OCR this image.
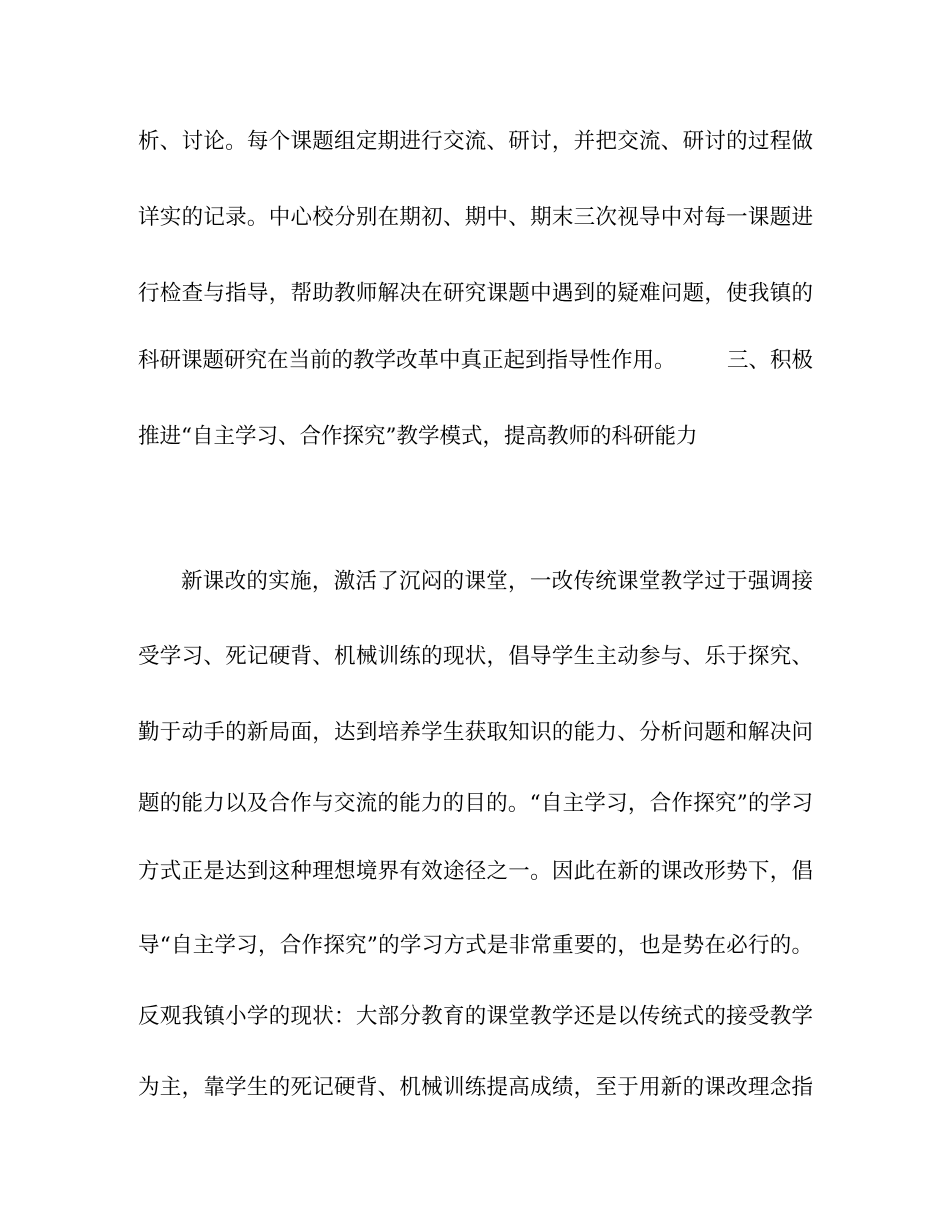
析、讨论。每个课题组定期进行交流、研讨，并把交流、研讨的过程做
详实的记录。中心校分别在期初、期中、期末三次视导中对每一课题进
行检查与指导，帮助教师解决在研究课题中遇到的疑难问题，使我镇的
科研课题研究在当前的教学改革中真正起到指导性作用。 三、积极
推进“自主学习、合作探究”教学模式，提高教师的科研能力
新课改的实施，激活了沉闷的课堂，一改传统课堂教学过于强调接
受学习、死记硬背、机械训练的现状，倡导学生主动参与、乐于探究、
勤于动手的新局面，达到培养学生获取知识的能力、分析问题和解决问
题的能力以及合作与交流的能力的目的。“自主学习，合作探究”的学习
方式正是达到这种理想境界有效途径之一。因此在新的课改形势下，倡
导“自主学习，合作探究”的学习方式是非常重要的，也是势在必行的。
反观我镇小学的现状：大部分教育的课堂教学还是以传统式的接受教学
为主，靠学生的死记硬背、机械训练提高成绩，至于用新的课改理念指
